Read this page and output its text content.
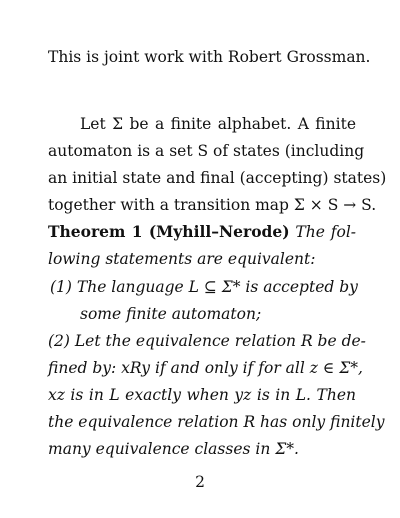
This is joint work with Robert Grossman.
Let Σ be a finite alphabet. A finite
automaton is a set S of states (including
an initial state and final (accepting) states)
together with a transition map Σ × S → S.
Theorem 1 (Myhill–Nerode) The fol-
lowing statements are equivalent:
(1) The language L ⊆ Σ* is accepted by
some finite automaton;
(2) Let the equivalence relation R be de-
fined by: xRy if and only if for all z ∈ Σ*,
xz is in L exactly when yz is in L. Then
the equivalence relation R has only finitely
many equivalence classes in Σ*.
2
